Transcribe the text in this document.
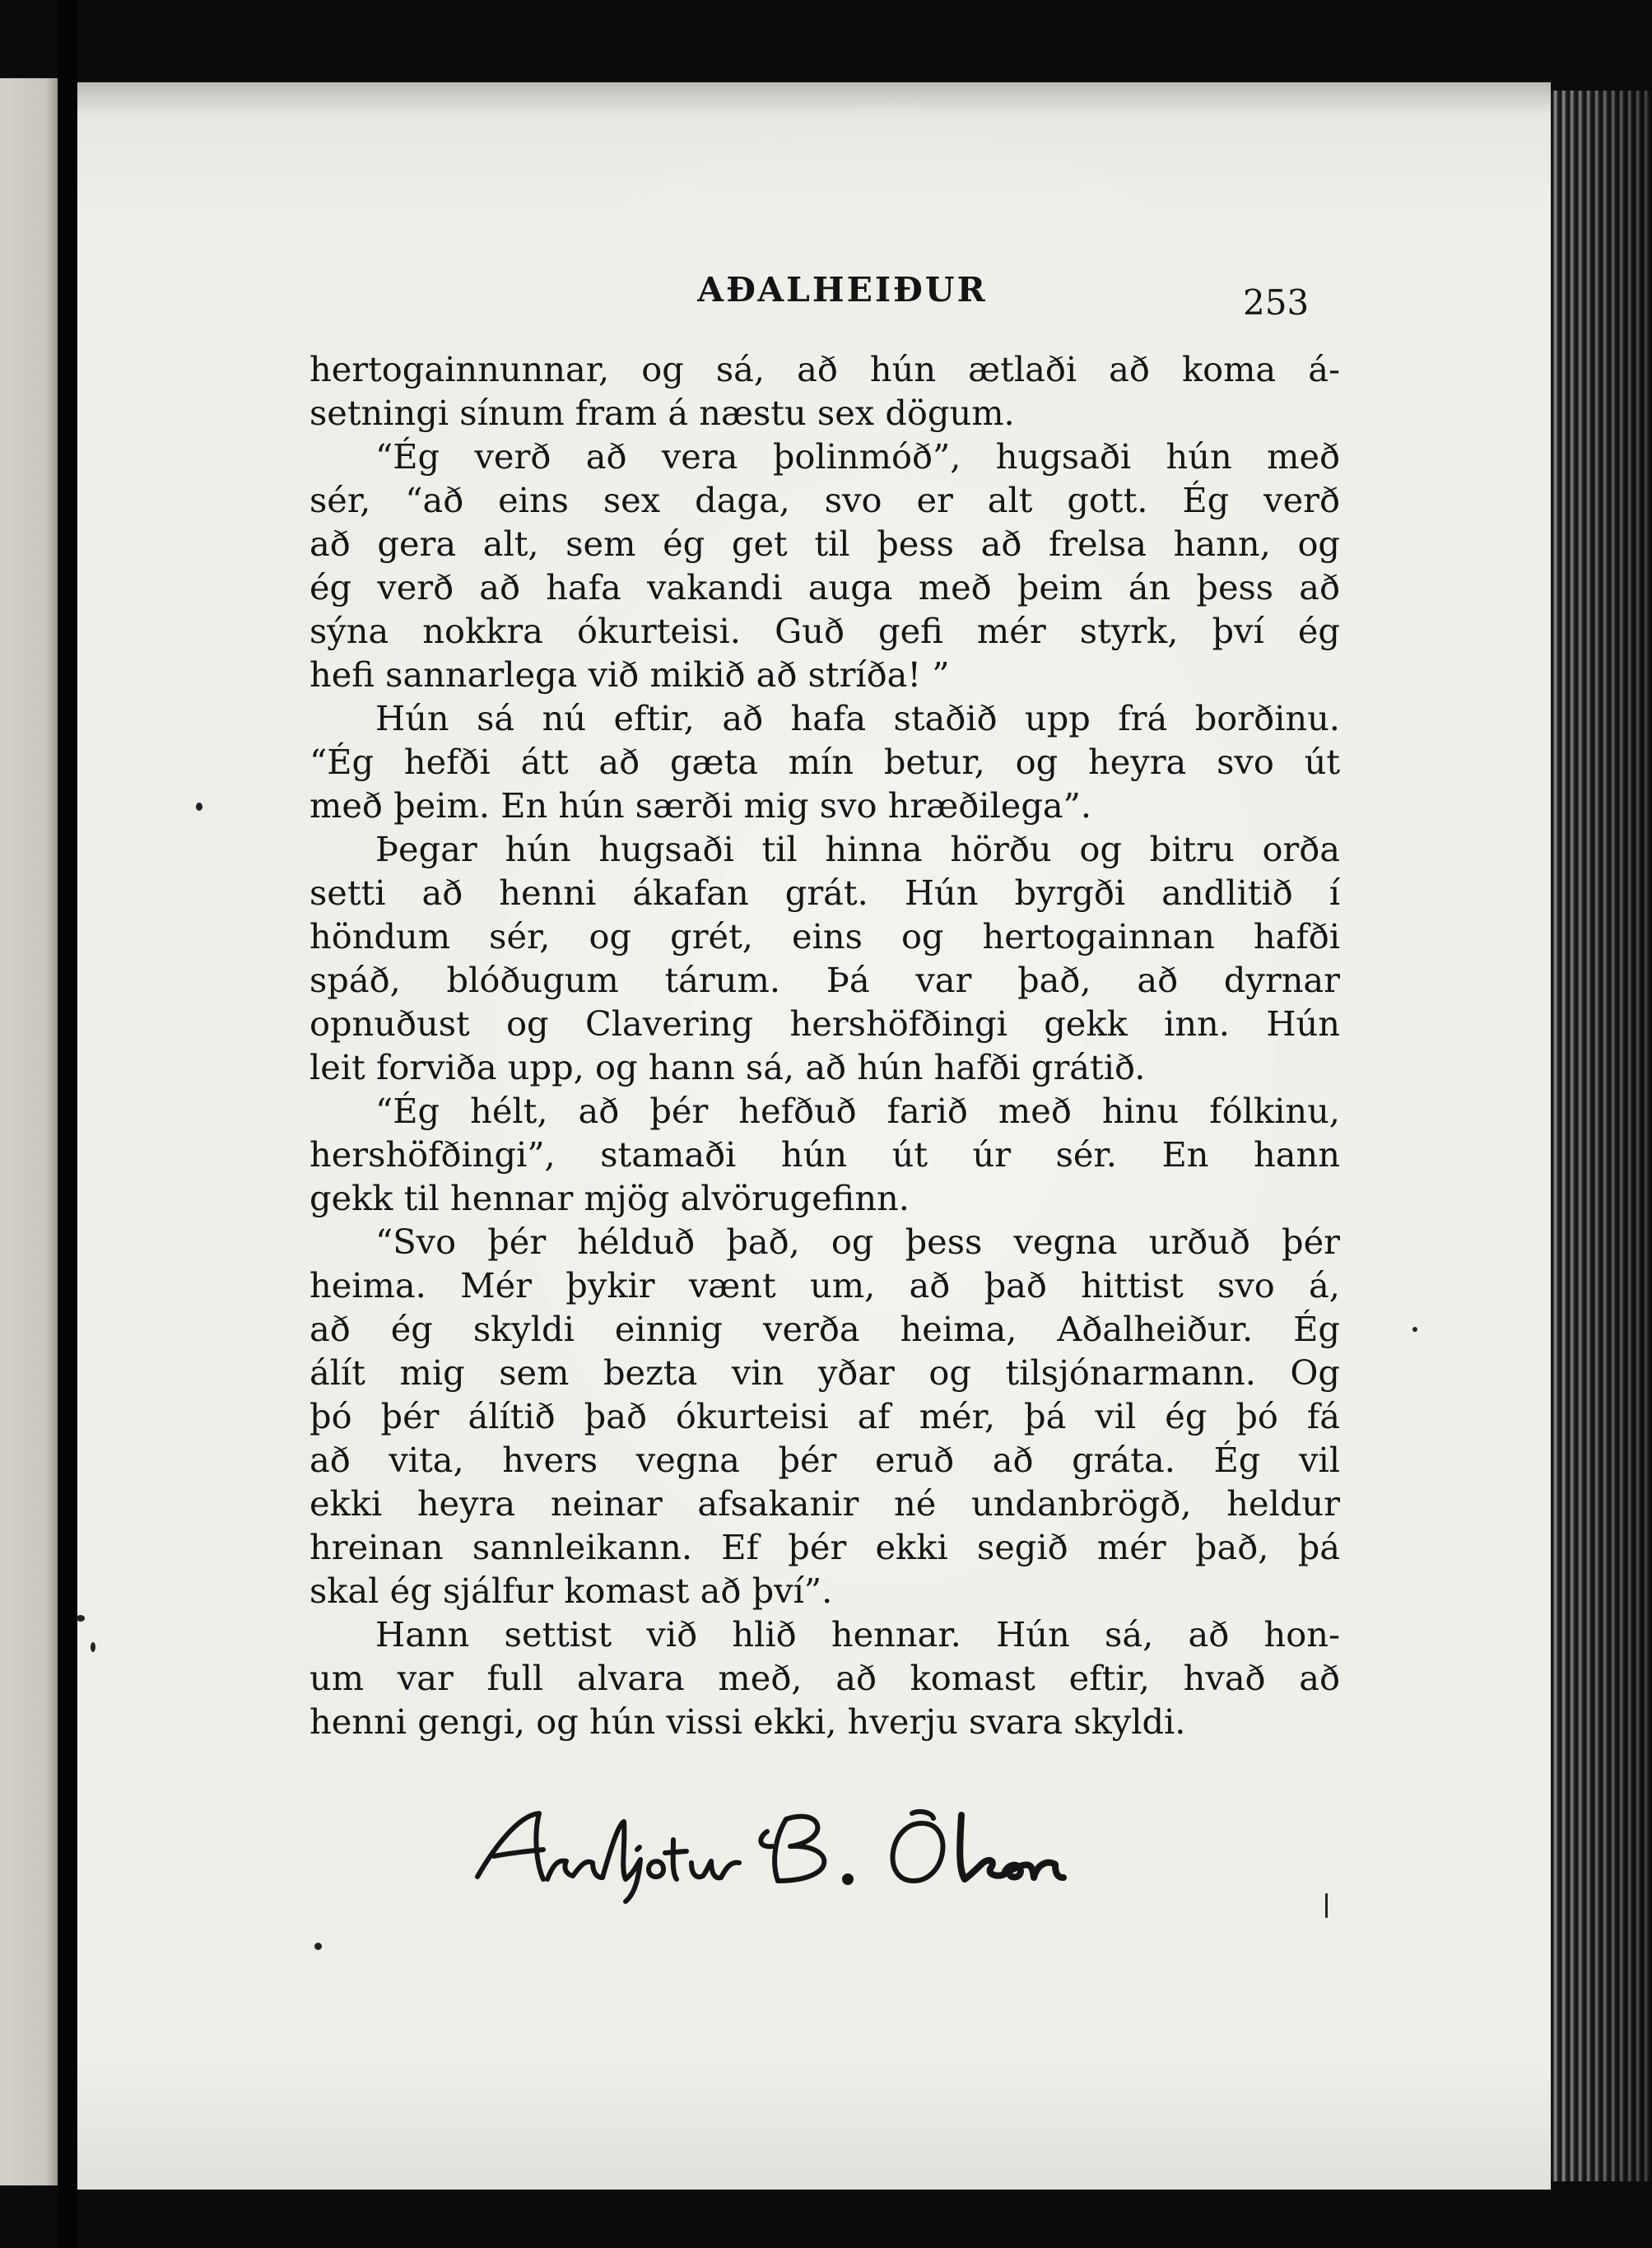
AÐALHEIÐUR	253
hertogainnunnar, og sá, að hún ætlaði að koma á-
setningi sínum fram á næstu sex dögum.
“Ég verð að vera þolinmóð”, hugsaði hún með
sér, “að eins sex daga, svo er alt gott. Ég verð
að gera alt, sem ég get til þess að frelsa hann, og
ég verð að hafa vakandi auga með þeim án þess að
sýna nokkra ókurteisi. Guð gefi mér styrk, því ég
hefi sannarlega við mikið að stríða! ”
Hún sá nú eftir, að hafa staðið upp frá borðinu.
“Ég hefði átt að gæta mín betur, og heyra svo út
með þeim. En hún særði mig svo hræðilega”.
Þegar hún hugsaði til hinna hörðu og bitru orða
setti að henni ákafan grát. Hún byrgði andlitið í
höndum sér, og grét, eins og hertogainnan hafði
spáð, blóðugum tárum. Þá var það, að dyrnar
opnuðust og Clavering hershöfðingi gekk inn. Hún
leit forviða upp, og hann sá, að hún hafði grátið.
“Ég hélt, að þér hefðuð farið með hinu fólkinu,
hershöfðingi”, stamaði hún út úr sér. En hann
gekk til hennar mjög alvörugefinn.
“Svo þér hélduð það, og þess vegna urðuð þér
heima. Mér þykir vænt um, að það hittist svo á,
að ég skyldi einnig verða heima, Aðalheiður. Ég
álít mig sem bezta vin yðar og tilsjónarmann. Og
þó þér álítið það ókurteisi af mér, þá vil ég þó fá
að vita, hvers vegna þér eruð að gráta. Ég vil
ekki heyra neinar afsakanir né undanbrögð, heldur
hreinan sannleikann. Ef þér ekki segið mér það, þá
skal ég sjálfur komast að því”.
Hann settist við hlið hennar. Hún sá, að hon-
um var full alvara með, að komast eftir, hvað að
henni gengi, og hún vissi ekki, hverju svara skyldi.
